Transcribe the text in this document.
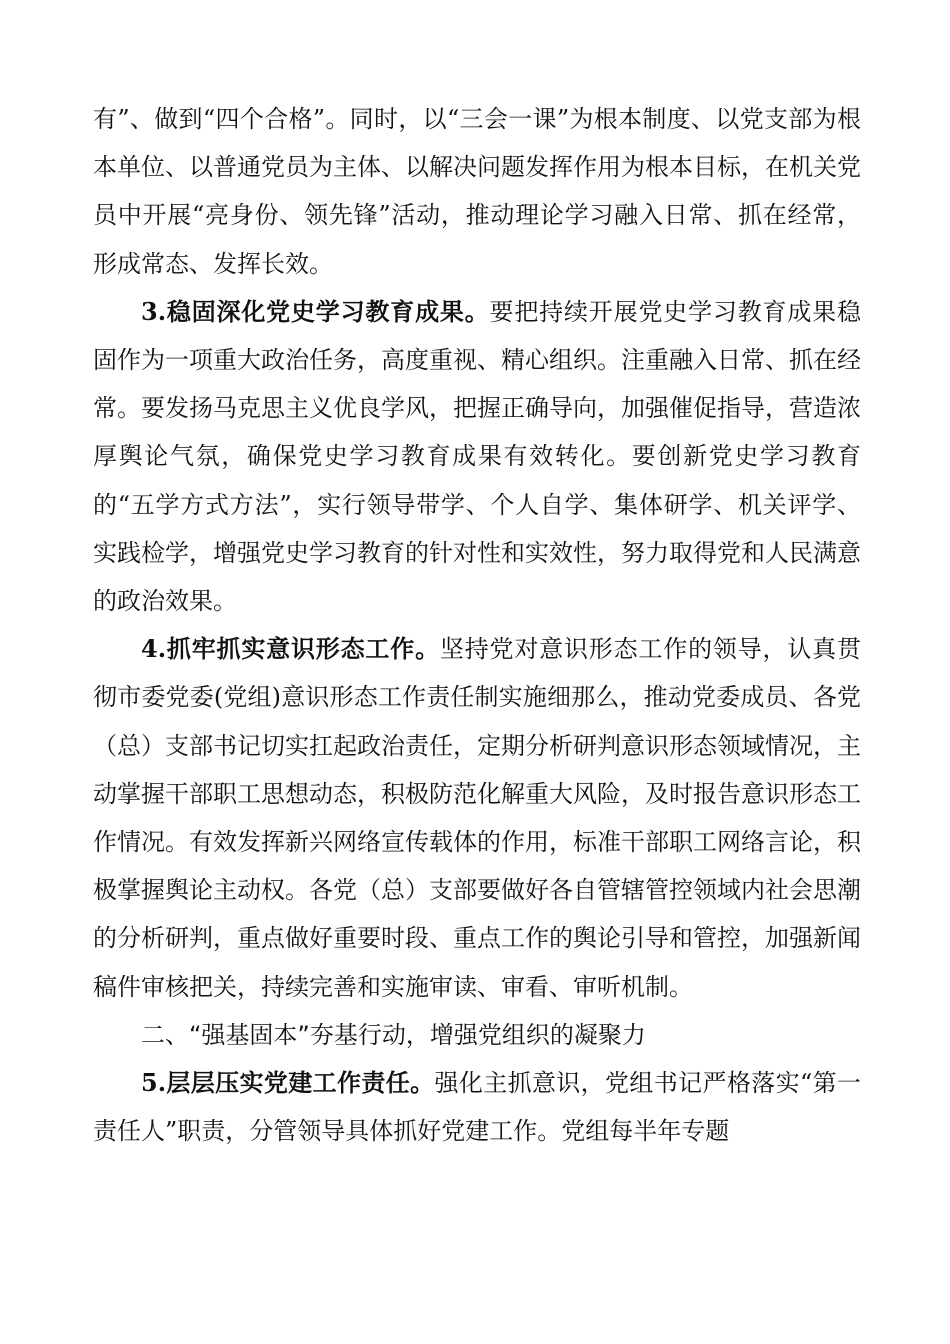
有”、做到“四个合格”。同时，以“三会一课”为根本制度、以党支部为根本单位、以普通党员为主体、以解决问题发挥作用为根本目标，在机关党员中开展“亮身份、领先锋”活动，推动理论学习融入日常、抓在经常，形成常态、发挥长效。

3.稳固深化党史学习教育成果。要把持续开展党史学习教育成果稳固作为一项重大政治任务，高度重视、精心组织。注重融入日常、抓在经常。要发扬马克思主义优良学风，把握正确导向，加强催促指导，营造浓厚舆论气氛，确保党史学习教育成果有效转化。要创新党史学习教育的“五学方式方法”，实行领导带学、个人自学、集体研学、机关评学、实践检学，增强党史学习教育的针对性和实效性，努力取得党和人民满意的政治效果。

4.抓牢抓实意识形态工作。坚持党对意识形态工作的领导，认真贯彻市委党委(党组)意识形态工作责任制实施细那么，推动党委成员、各党（总）支部书记切实扛起政治责任，定期分析研判意识形态领域情况，主动掌握干部职工思想动态，积极防范化解重大风险，及时报告意识形态工作情况。有效发挥新兴网络宣传载体的作用，标准干部职工网络言论，积极掌握舆论主动权。各党（总）支部要做好各自管辖管控领域内社会思潮的分析研判，重点做好重要时段、重点工作的舆论引导和管控，加强新闻稿件审核把关，持续完善和实施审读、审看、审听机制。

二、“强基固本”夯基行动，增强党组织的凝聚力

5.层层压实党建工作责任。强化主抓意识，党组书记严格落实“第一责任人”职责，分管领导具体抓好党建工作。党组每半年专题
